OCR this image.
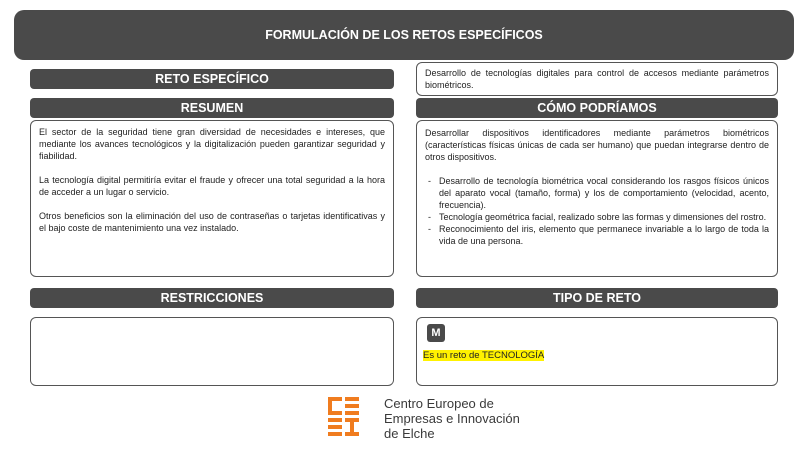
FORMULACIÓN DE LOS RETOS ESPECÍFICOS
RETO ESPECÍFICO	Desarrollo de tecnologías digitales para control de accesos mediante parámetros biométricos.
RESUMEN
El sector de la seguridad tiene gran diversidad de necesidades e intereses, que mediante los avances tecnológicos y la digitalización pueden garantizar seguridad y fiabilidad.
La tecnología digital permitiría evitar el fraude y ofrecer una total seguridad a la hora de acceder a un lugar o servicio.
Otros beneficios son la eliminación del uso de contraseñas o tarjetas identificativas y el bajo coste de mantenimiento una vez instalado.
CÓMO PODRÍAMOS
Desarrollar dispositivos identificadores mediante parámetros biométricos (características físicas únicas de cada ser humano) que puedan integrarse dentro de otros dispositivos.
- Desarrollo de tecnología biométrica vocal considerando los rasgos físicos únicos del aparato vocal (tamaño, forma) y los de comportamiento (velocidad, acento, frecuencia).
- Tecnología geométrica facial, realizado sobre las formas y dimensiones del rostro.
- Reconocimiento del iris, elemento que permanece invariable a lo largo de toda la vida de una persona.
RESTRICCIONES	TIPO DE RETO
M
Es un reto de TECNOLOGÍA
Centro Europeo de
Empresas e Innovación
de Elche
